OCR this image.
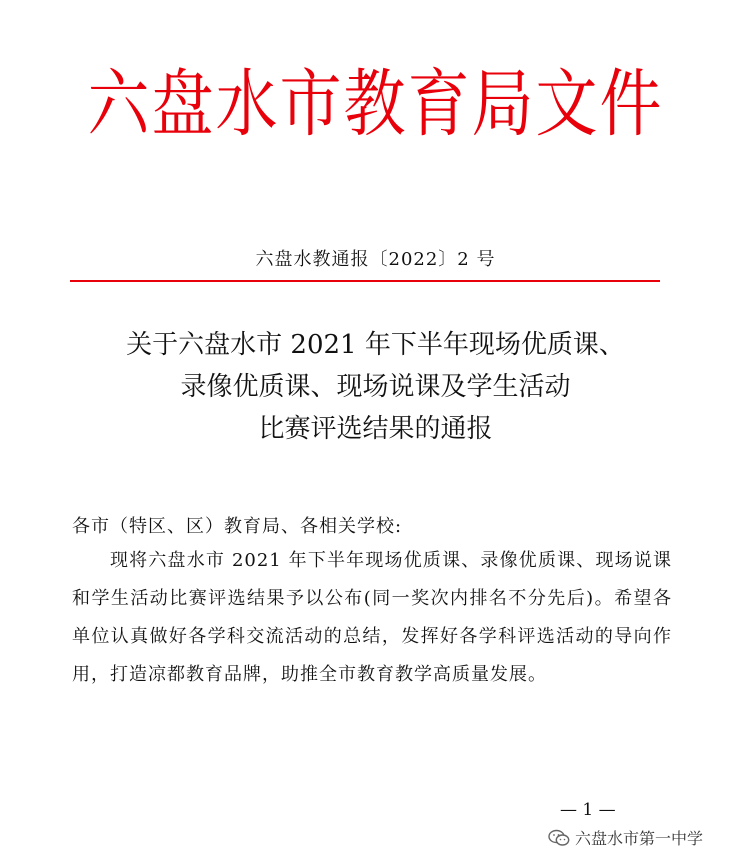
六盘水市教育局文件
六盘水教通报〔2022〕2 号
关于六盘水市 2021 年下半年现场优质课、
录像优质课、现场说课及学生活动
比赛评选结果的通报
各市（特区、区）教育局、各相关学校:

现将六盘水市 2021 年下半年现场优质课、录像优质课、现场说课和学生活动比赛评选结果予以公布(同一奖次内排名不分先后)。希望各单位认真做好各学科交流活动的总结，发挥好各学科评选活动的导向作用，打造凉都教育品牌，助推全市教育教学高质量发展。

— 1 —
六盘水市第一中学
